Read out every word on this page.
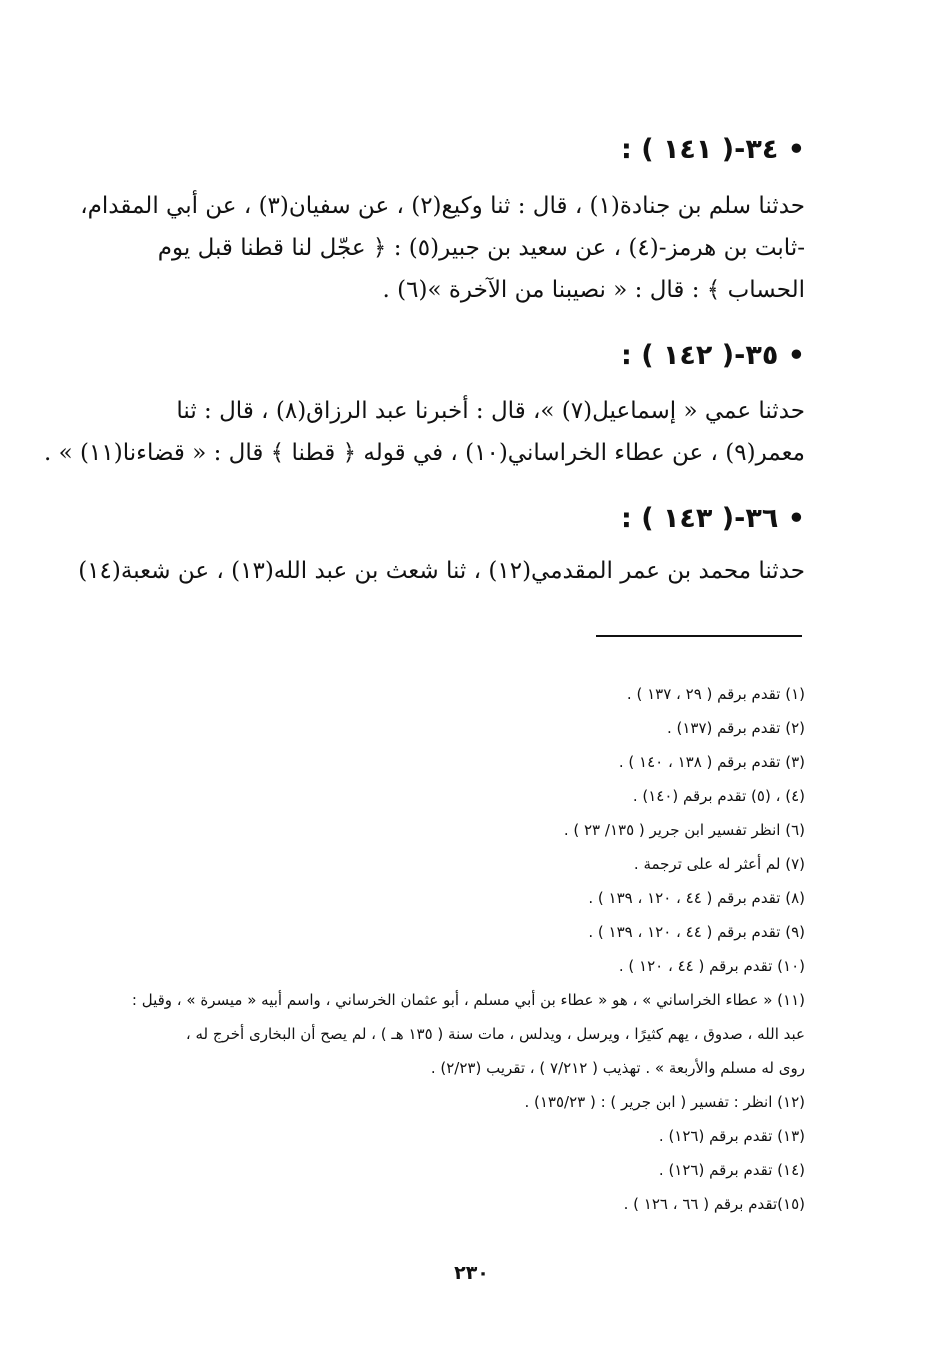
• ٣٤-( ١٤١ ) :
حدثنا سلم بن جنادة(١) ، قال : ثنا وكيع(٢) ، عن سفيان(٣) ، عن أبي المقدام،
-ثابت بن هرمز-(٤) ، عن سعيد بن جبير(٥) : ﴿ عجّل لنا قطنا قبل يوم
الحساب ﴾ : قال : « نصيبنا من الآخرة »(٦) .
• ٣٥-( ١٤٢ ) :
حدثنا عمي « إسماعيل(٧) »، قال : أخبرنا عبد الرزاق(٨) ، قال : ثنا
معمر(٩) ، عن عطاء الخراساني(١٠) ، في قوله ﴿ قطنا ﴾ قال : « قضاءنا(١١) » .
• ٣٦-( ١٤٣ ) :
حدثنا محمد بن عمر المقدمي(١٢) ، ثنا شعث بن عبد الله(١٣) ، عن شعبة(١٤)
(١) تقدم برقم ( ٢٩ ، ١٣٧ ) .
(٢) تقدم برقم (١٣٧) .
(٣) تقدم برقم ( ١٣٨ ، ١٤٠ ) .
(٤) ، (٥) تقدم برقم (١٤٠) .
(٦) انظر تفسير ابن جرير ( ١٣٥/ ٢٣ ) .
(٧) لم أعثر له على ترجمة .
(٨) تقدم برقم ( ٤٤ ، ١٢٠ ، ١٣٩ ) .
(٩) تقدم برقم ( ٤٤ ، ١٢٠ ، ١٣٩ ) .
(١٠) تقدم برقم ( ٤٤ ، ١٢٠ ) .
(١١) « عطاء الخراساني » ، هو « عطاء بن أبي مسلم ، أبو عثمان الخرساني ، واسم أبيه « ميسرة » ، وقيل :
عبد الله ، صدوق ، يهم كثيرًا ، ويرسل ، ويدلس ، مات سنة ( ١٣٥ هـ ) ، لم يصح أن البخارى أخرج له ،
روى له مسلم والأربعة » . تهذيب ( ٧/٢١٢ ) ، تقريب (٢/٢٣) .
(١٢) انظر : تفسير ( ابن جرير ) : ( ١٣٥/٢٣) .
(١٣) تقدم برقم (١٢٦) .
(١٤) تقدم برقم (١٢٦) .
(١٥)تقدم برقم ( ٦٦ ، ١٢٦ ) .
٢٣٠
